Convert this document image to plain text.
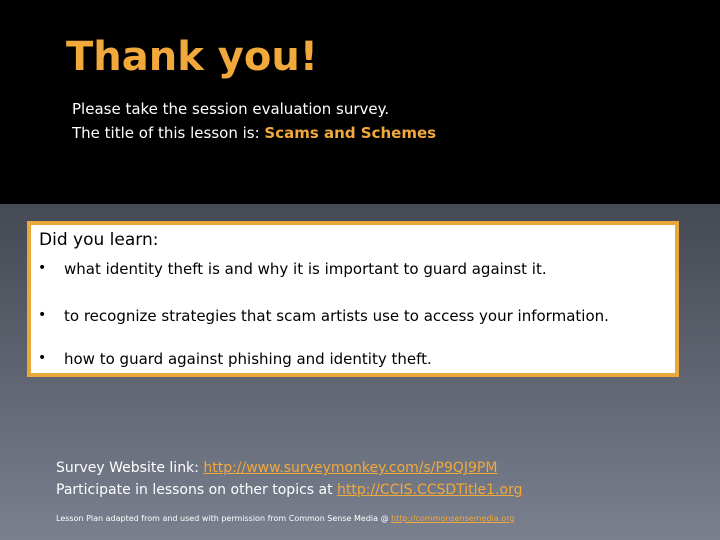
Thank you!
Please take the session evaluation survey.
The title of this lesson is: Scams and Schemes
Did you learn:
• what identity theft is and why it is important to guard against it.
• to recognize strategies that scam artists use to access your information.
• how to guard against phishing and identity theft.
Survey Website link: http://www.surveymonkey.com/s/P9QJ9PM
Participate in lessons on other topics at http://CCIS.CCSDTitle1.org
Lesson Plan adapted from and used with permission from Common Sense Media @ http://commonsensemedia.org
